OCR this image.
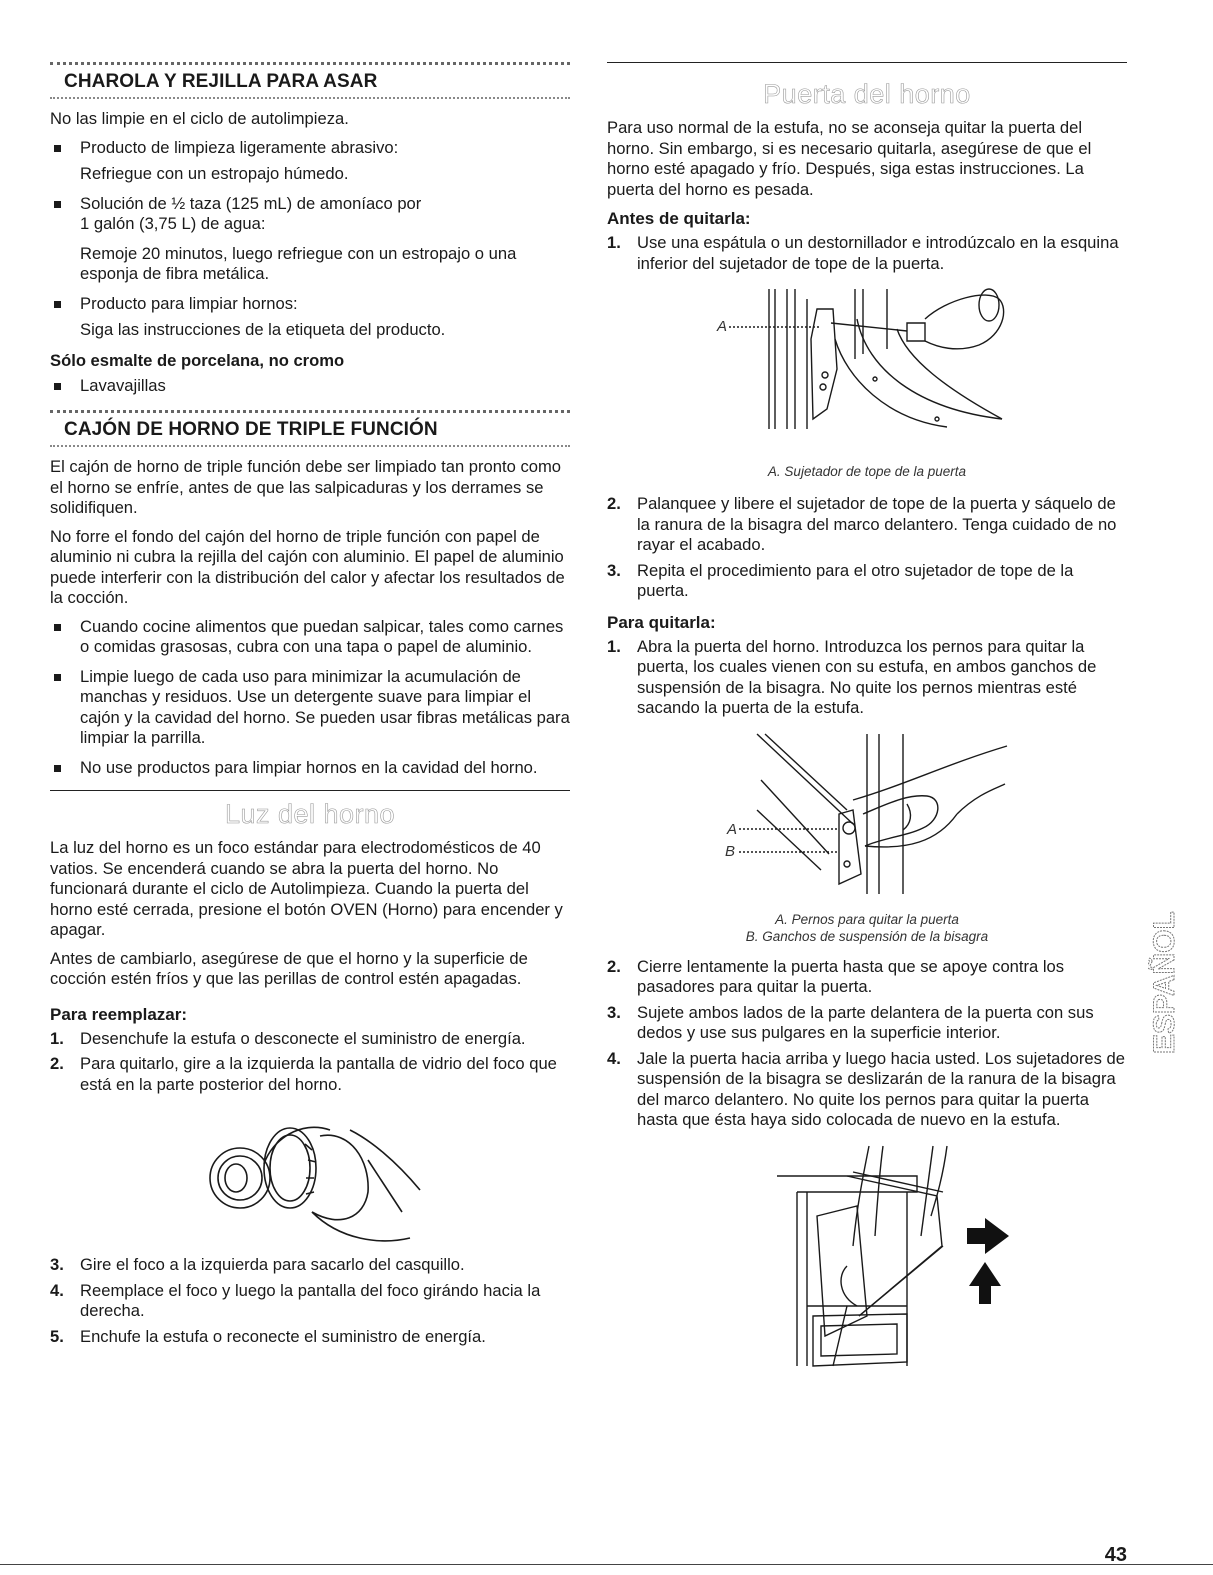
CHAROLA Y REJILLA PARA ASAR

No las limpie en el ciclo de autolimpieza.

Producto de limpieza ligeramente abrasivo:
Refriegue con un estropajo húmedo.
Solución de ½ taza (125 mL) de amoníaco por
1 galón (3,75 L) de agua:
Remoje 20 minutos, luego refriegue con un estropajo o una esponja de fibra metálica.
Producto para limpiar hornos:
Siga las instrucciones de la etiqueta del producto.
Sólo esmalte de porcelana, no cromo
Lavavajillas
CAJÓN DE HORNO DE TRIPLE FUNCIÓN

El cajón de horno de triple función debe ser limpiado tan pronto como el horno se enfríe, antes de que las salpicaduras y los derrames se solidifiquen.

No forre el fondo del cajón del horno de triple función con papel de aluminio ni cubra la rejilla del cajón con aluminio. El papel de aluminio puede interferir con la distribución del calor y afectar los resultados de la cocción.

Cuando cocine alimentos que puedan salpicar, tales como carnes o comidas grasosas, cubra con una tapa o papel de aluminio.
Limpie luego de cada uso para minimizar la acumulación de manchas y residuos. Use un detergente suave para limpiar el cajón y la cavidad del horno. Se pueden usar fibras metálicas para limpiar la parrilla.
No use productos para limpiar hornos en la cavidad del horno.
Luz del horno

La luz del horno es un foco estándar para electrodomésticos de 40 vatios. Se encenderá cuando se abra la puerta del horno. No funcionará durante el ciclo de Autolimpieza. Cuando la puerta del horno esté cerrada, presione el botón OVEN (Horno) para encender y apagar.

Antes de cambiarlo, asegúrese de que el horno y la superficie de cocción estén fríos y que las perillas de control estén apagadas.

Para reemplazar:
1. Desenchufe la estufa o desconecte el suministro de energía.
2. Para quitarlo, gire a la izquierda la pantalla de vidrio del foco que está en la parte posterior del horno.
3. Gire el foco a la izquierda para sacarlo del casquillo.
4. Reemplace el foco y luego la pantalla del foco girándo hacia la derecha.
5. Enchufe la estufa o reconecte el suministro de energía.
Puerta del horno

Para uso normal de la estufa, no se aconseja quitar la puerta del horno. Sin embargo, si es necesario quitarla, asegúrese de que el horno esté apagado y frío. Después, siga estas instrucciones. La puerta del horno es pesada.

Antes de quitarla:
1. Use una espátula o un destornillador e introdúzcalo en la esquina inferior del sujetador de tope de la puerta.
A
A. Sujetador de tope de la puerta
2. Palanquee y libere el sujetador de tope de la puerta y sáquelo de la ranura de la bisagra del marco delantero. Tenga cuidado de no rayar el acabado.
3. Repita el procedimiento para el otro sujetador de tope de la puerta.
Para quitarla:
1. Abra la puerta del horno. Introduzca los pernos para quitar la puerta, los cuales vienen con su estufa, en ambos ganchos de suspensión de la bisagra. No quite los pernos mientras esté sacando la puerta de la estufa.
A
B
A. Pernos para quitar la puerta
B. Ganchos de suspensión de la bisagra
2. Cierre lentamente la puerta hasta que se apoye contra los pasadores para quitar la puerta.
3. Sujete ambos lados de la parte delantera de la puerta con sus dedos y use sus pulgares en la superficie interior.
4. Jale la puerta hacia arriba y luego hacia usted. Los sujetadores de suspensión de la bisagra se deslizarán de la ranura de la bisagra del marco delantero. No quite los pernos para quitar la puerta hasta que ésta haya sido colocada de nuevo en la estufa.
ESPAÑOL
43
